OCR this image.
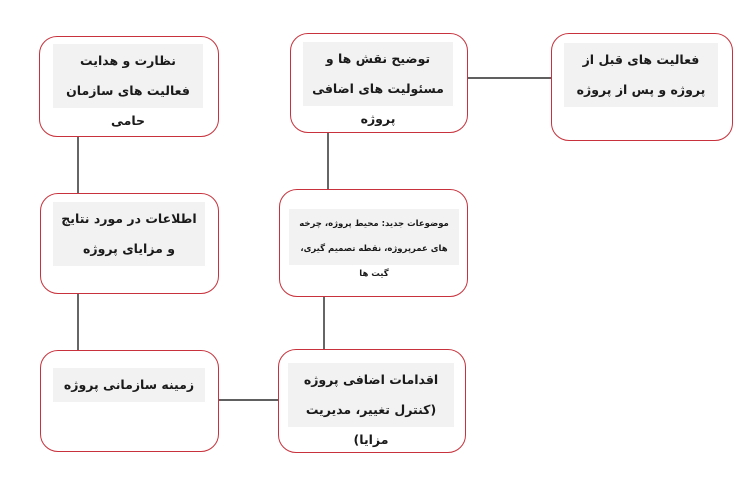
فعالیت های قبل از پروژه و پس از پروژه
توضیح نقش ها و مسئولیت های اضافی پروژه
نظارت و هدایت فعالیت های سازمان حامی
موضوعات جدید: محیط پروژه، چرخه های عمرپروژه، نقطه تصمیم گیری، گیت ها
اطلاعات در مورد نتایج و مزایای پروژه
اقدامات اضافی پروژه (کنترل تغییر، مدیریت مزایا)
زمینه سازمانی پروژه
